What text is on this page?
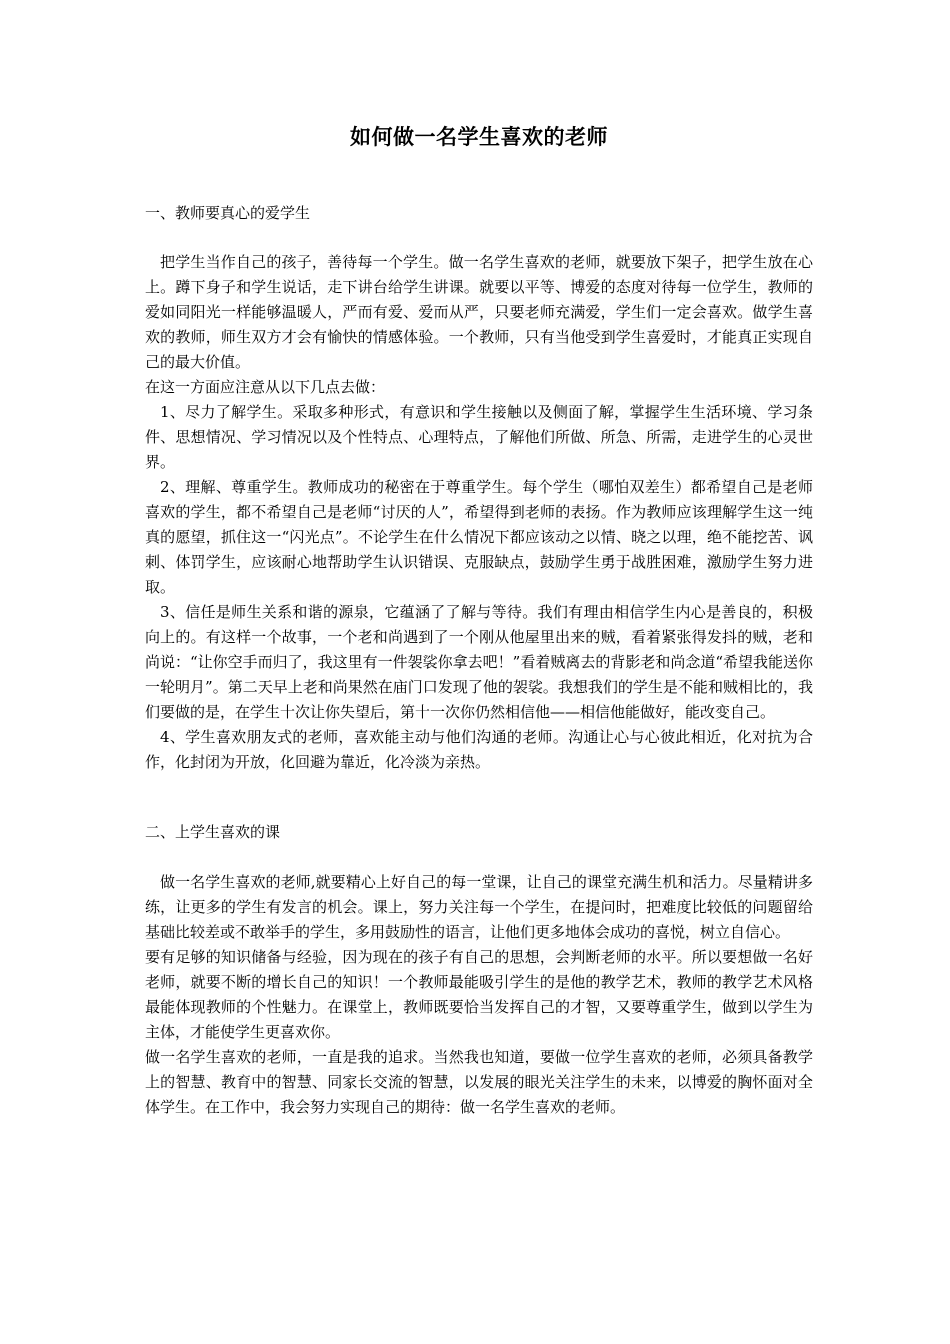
如何做一名学生喜欢的老师
一、教师要真心的爱学生

把学生当作自己的孩子，善待每一个学生。做一名学生喜欢的老师，就要放下架子，把学生放在心上。蹲下身子和学生说话，走下讲台给学生讲课。就要以平等、博爱的态度对待每一位学生，教师的爱如同阳光一样能够温暖人，严而有爱、爱而从严，只要老师充满爱，学生们一定会喜欢。做学生喜欢的教师，师生双方才会有愉快的情感体验。一个教师，只有当他受到学生喜爱时，才能真正实现自己的最大价值。

在这一方面应注意从以下几点去做：

1、尽力了解学生。采取多种形式，有意识和学生接触以及侧面了解，掌握学生生活环境、学习条件、思想情况、学习情况以及个性特点、心理特点，了解他们所做、所急、所需，走进学生的心灵世界。

2、理解、尊重学生。教师成功的秘密在于尊重学生。每个学生（哪怕双差生）都希望自己是老师喜欢的学生，都不希望自己是老师“讨厌的人”，希望得到老师的表扬。作为教师应该理解学生这一纯真的愿望，抓住这一“闪光点”。不论学生在什么情况下都应该动之以情、晓之以理，绝不能挖苦、讽刺、体罚学生，应该耐心地帮助学生认识错误、克服缺点，鼓励学生勇于战胜困难，激励学生努力进取。

3、信任是师生关系和谐的源泉，它蕴涵了了解与等待。我们有理由相信学生内心是善良的，积极向上的。有这样一个故事，一个老和尚遇到了一个刚从他屋里出来的贼，看着紧张得发抖的贼，老和尚说：“让你空手而归了，我这里有一件袈裟你拿去吧！”看着贼离去的背影老和尚念道“希望我能送你一轮明月”。第二天早上老和尚果然在庙门口发现了他的袈裟。我想我们的学生是不能和贼相比的，我们要做的是，在学生十次让你失望后，第十一次你仍然相信他——相信他能做好，能改变自己。

4、学生喜欢朋友式的老师，喜欢能主动与他们沟通的老师。沟通让心与心彼此相近，化对抗为合作，化封闭为开放，化回避为靠近，化冷淡为亲热。

二、上学生喜欢的课

做一名学生喜欢的老师,就要精心上好自己的每一堂课，让自己的课堂充满生机和活力。尽量精讲多练，让更多的学生有发言的机会。课上，努力关注每一个学生，在提问时，把难度比较低的问题留给基础比较差或不敢举手的学生，多用鼓励性的语言，让他们更多地体会成功的喜悦，树立自信心。

要有足够的知识储备与经验，因为现在的孩子有自己的思想，会判断老师的水平。所以要想做一名好老师，就要不断的增长自己的知识！一个教师最能吸引学生的是他的教学艺术，教师的教学艺术风格最能体现教师的个性魅力。在课堂上，教师既要恰当发挥自己的才智，又要尊重学生，做到以学生为主体，才能使学生更喜欢你。

做一名学生喜欢的老师，一直是我的追求。当然我也知道，要做一位学生喜欢的老师，必须具备教学上的智慧、教育中的智慧、同家长交流的智慧，以发展的眼光关注学生的未来，以博爱的胸怀面对全体学生。在工作中，我会努力实现自己的期待：做一名学生喜欢的老师。
